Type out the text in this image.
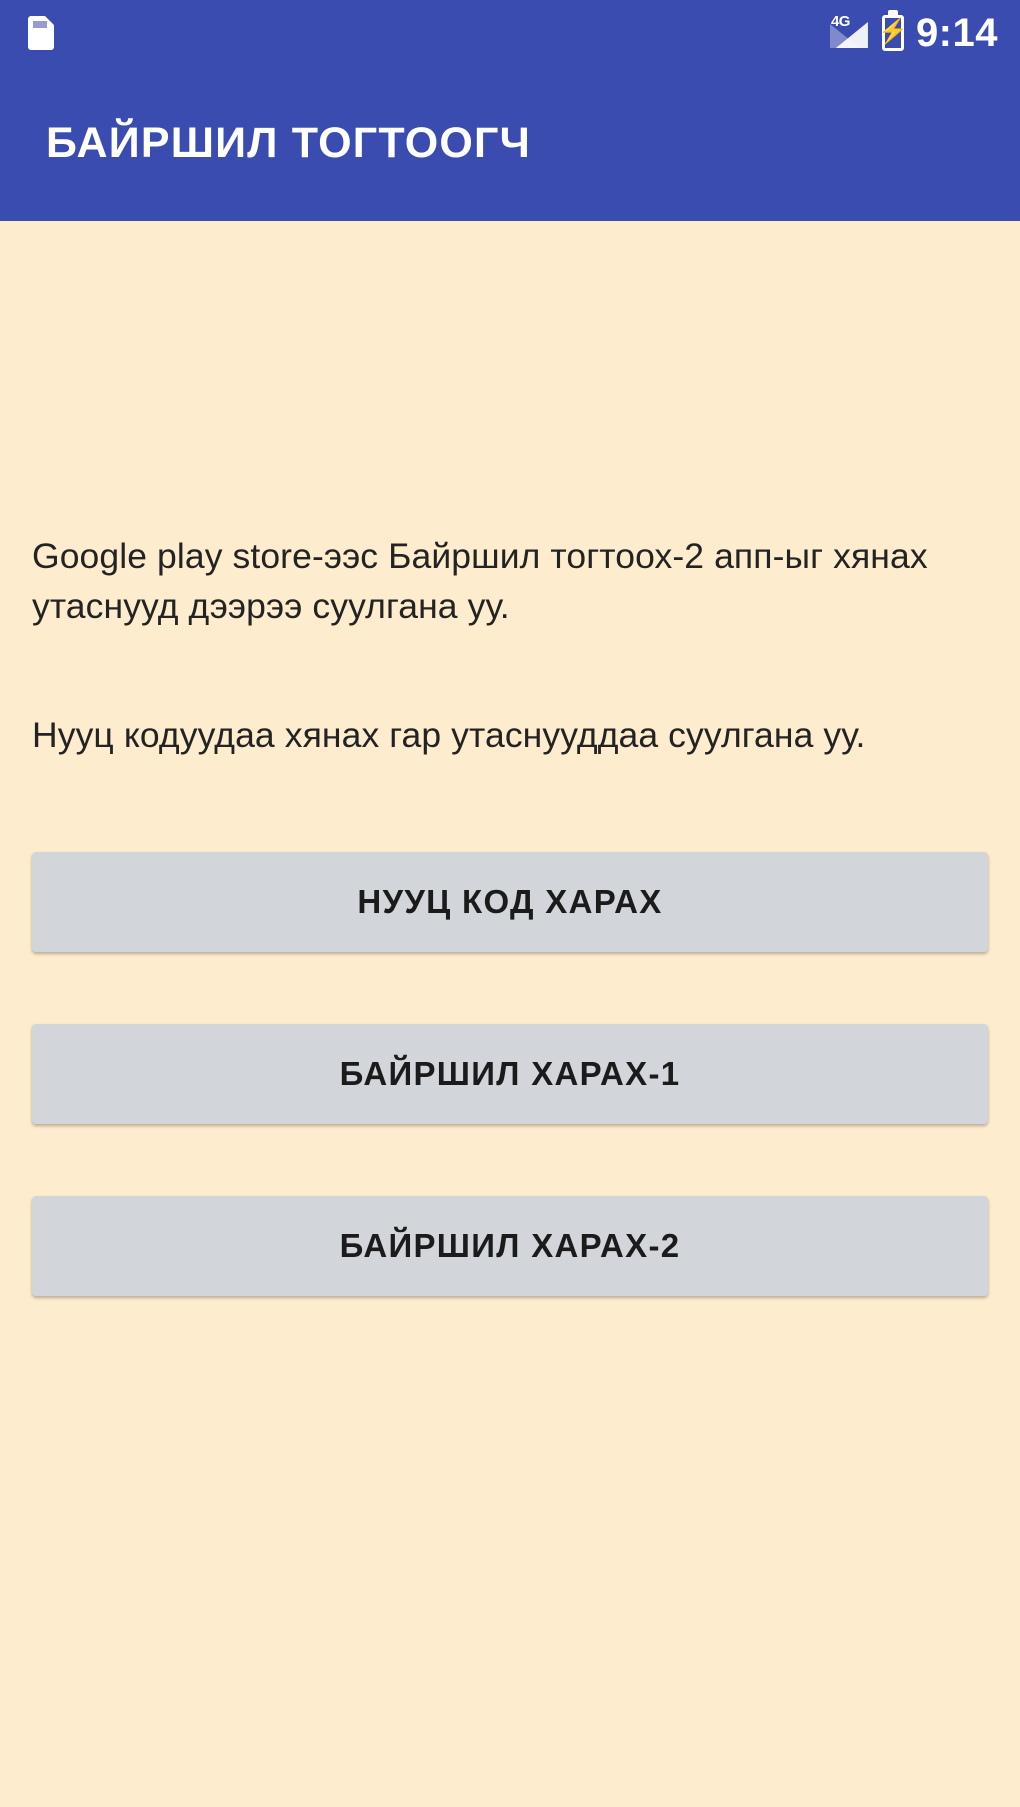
4G ⚡ 9:14
БАЙРШИЛ ТОГТООГЧ

Google play store-ээс Байршил тогтоох-2 апп-ыг хянах утаснууд дээрээ суулгана уу.

Нууц кодуудаа хянах гар утаснууддаа суулгана уу.

НУУЦ КОД ХАРАХ
БАЙРШИЛ ХАРАХ-1
БАЙРШИЛ ХАРАХ-2
